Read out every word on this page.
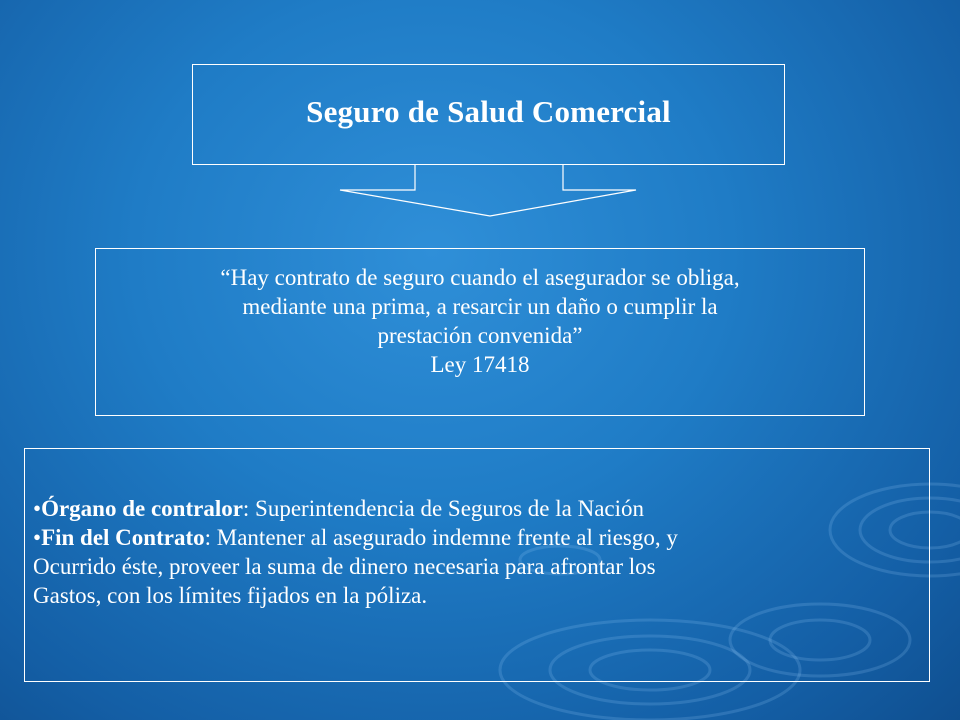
Seguro de Salud Comercial
“Hay contrato de seguro cuando el asegurador se obliga,
mediante una prima, a resarcir un daño o cumplir la
prestación convenida”
Ley 17418
•Órgano de contralor: Superintendencia de Seguros de la Nación
•Fin del Contrato: Mantener al asegurado indemne frente al riesgo, y
Ocurrido éste, proveer la suma de dinero necesaria para afrontar los
Gastos, con los límites fijados en la póliza.
